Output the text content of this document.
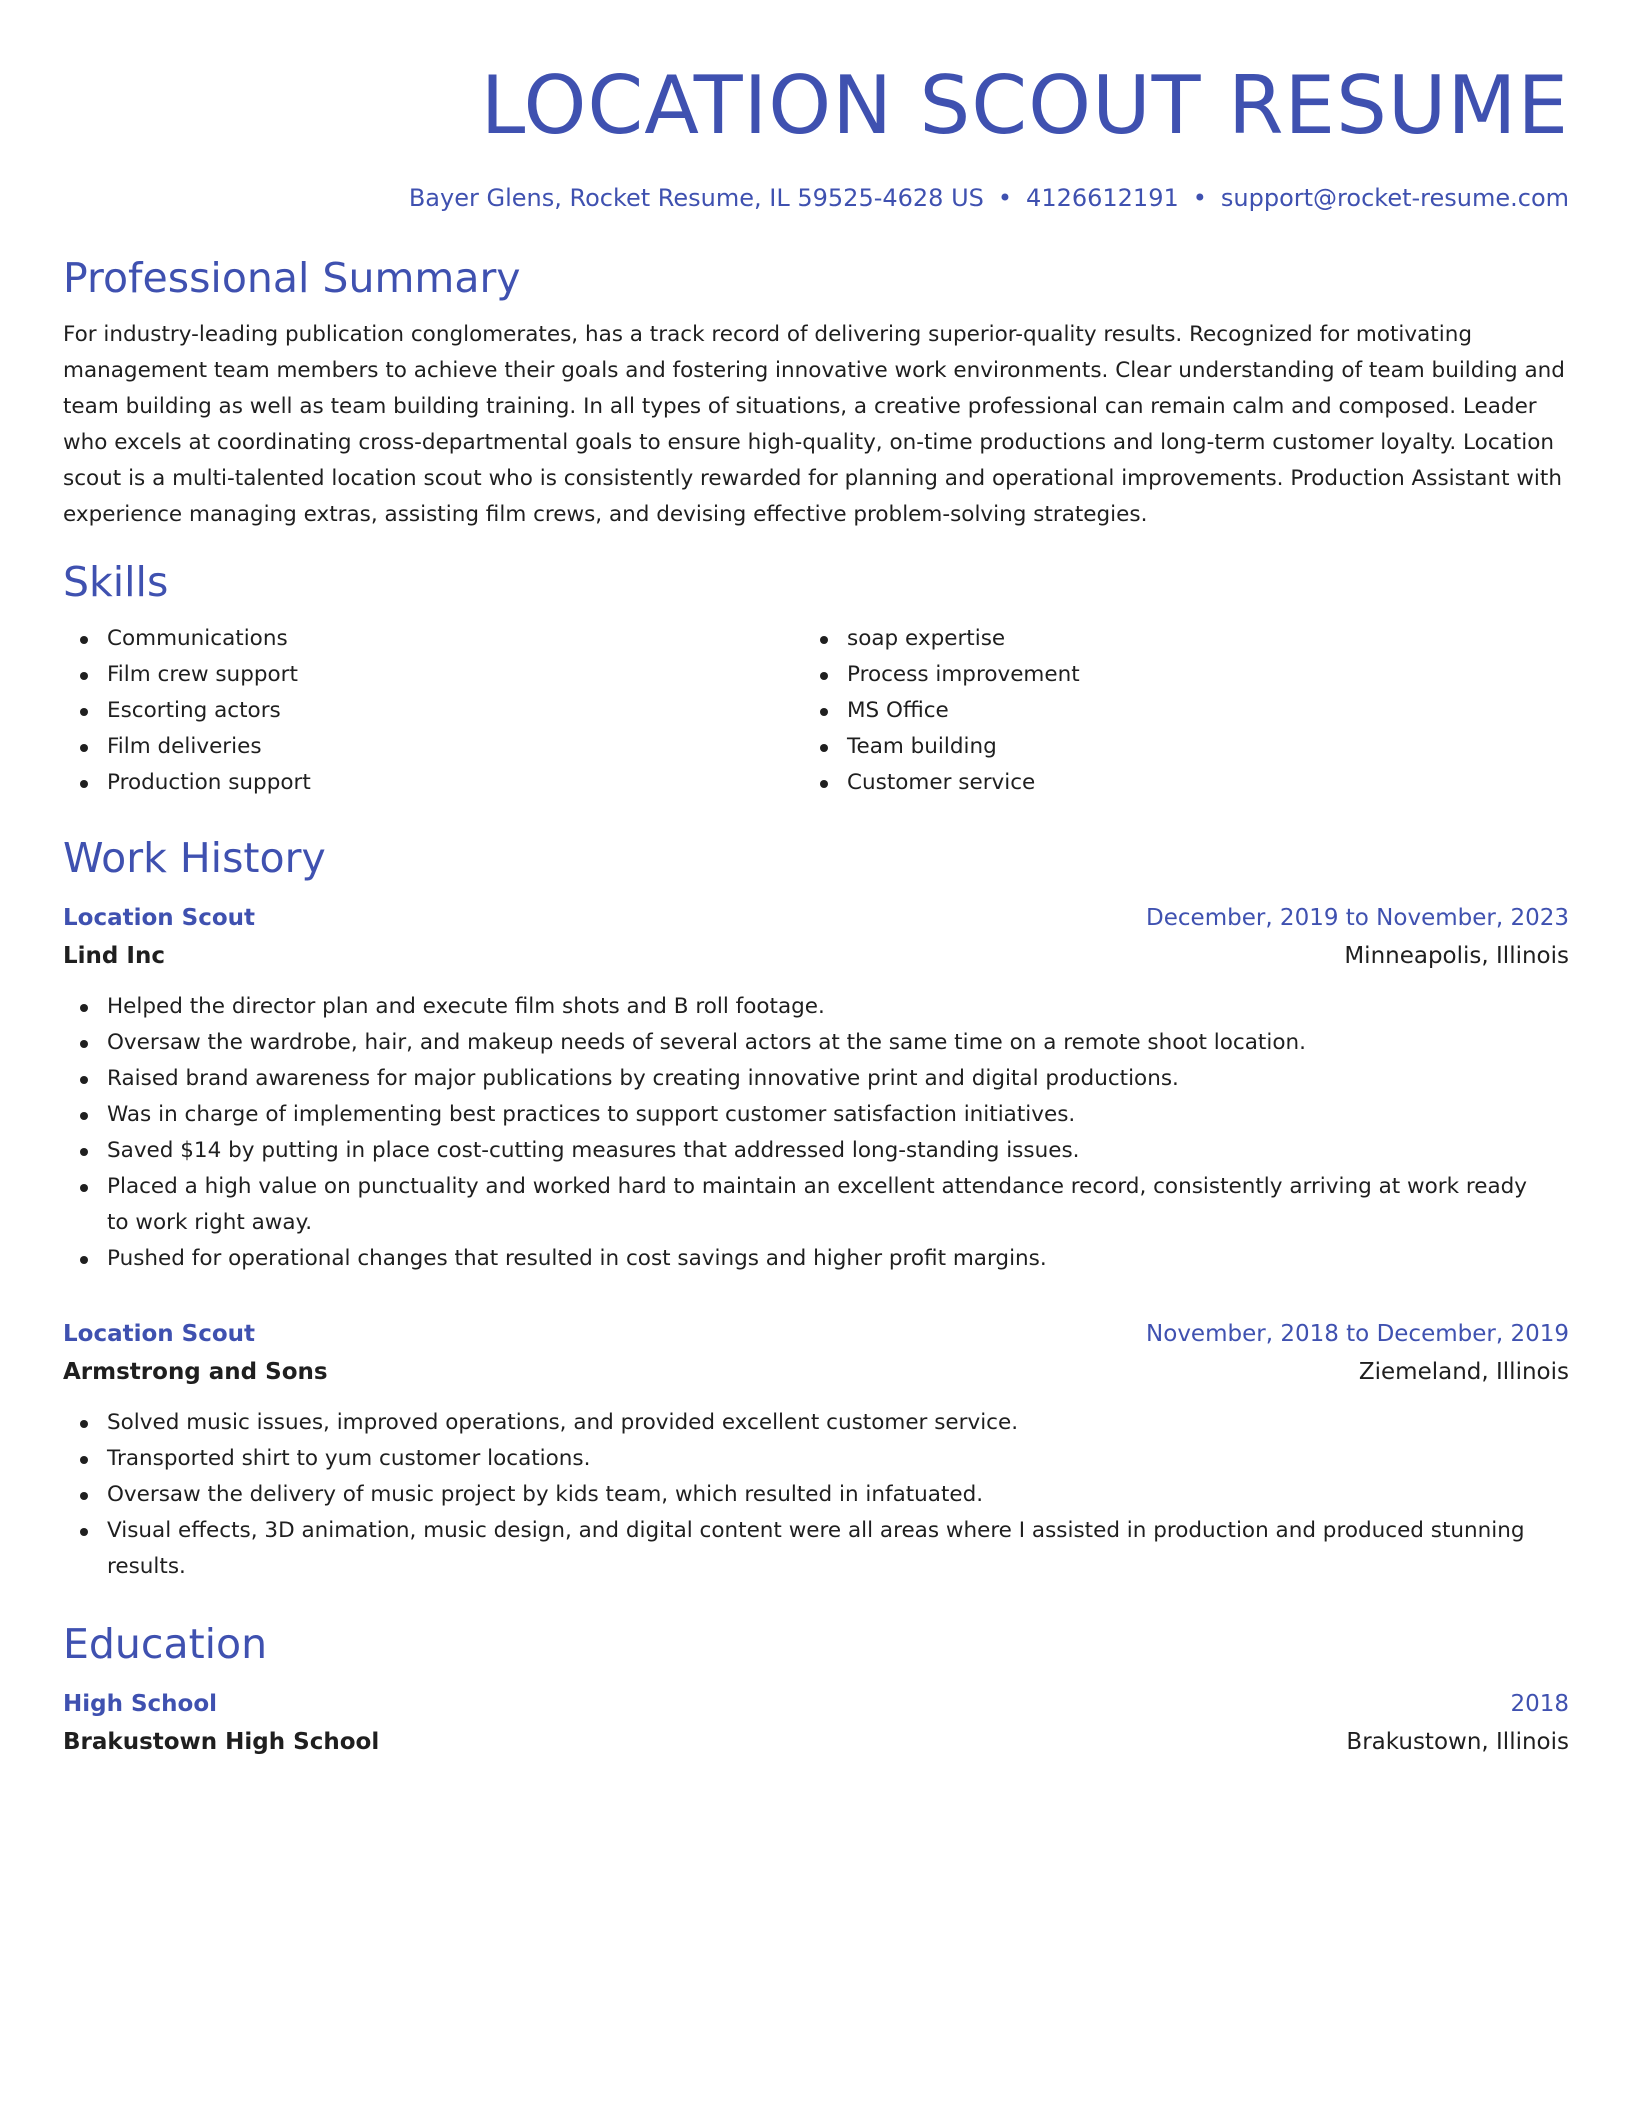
LOCATION SCOUT RESUME
Bayer Glens, Rocket Resume, IL 59525-4628 US • 4126612191 • support@rocket-resume.com
Professional Summary

For industry-leading publication conglomerates, has a track record of delivering superior-quality results. Recognized for motivating management team members to achieve their goals and fostering innovative work environments. Clear understanding of team building and team building as well as team building training. In all types of situations, a creative professional can remain calm and composed. Leader who excels at coordinating cross-departmental goals to ensure high-quality, on-time productions and long-term customer loyalty. Location scout is a multi-talented location scout who is consistently rewarded for planning and operational improvements. Production Assistant with experience managing extras, assisting film crews, and devising effective problem-solving strategies.

Skills
Communications
Film crew support
Escorting actors
Film deliveries
Production support
soap expertise
Process improvement
MS Office
Team building
Customer service
Work History
Location Scout	December, 2019 to November, 2023
Lind Inc	Minneapolis, Illinois
Helped the director plan and execute film shots and B roll footage.
Oversaw the wardrobe, hair, and makeup needs of several actors at the same time on a remote shoot location.
Raised brand awareness for major publications by creating innovative print and digital productions.
Was in charge of implementing best practices to support customer satisfaction initiatives.
Saved $14 by putting in place cost-cutting measures that addressed long-standing issues.
Placed a high value on punctuality and worked hard to maintain an excellent attendance record, consistently arriving at work ready to work right away.
Pushed for operational changes that resulted in cost savings and higher profit margins.
Location Scout	November, 2018 to December, 2019
Armstrong and Sons	Ziemeland, Illinois
Solved music issues, improved operations, and provided excellent customer service.
Transported shirt to yum customer locations.
Oversaw the delivery of music project by kids team, which resulted in infatuated.
Visual effects, 3D animation, music design, and digital content were all areas where I assisted in production and produced stunning results.
Education
High School	2018
Brakustown High School	Brakustown, Illinois
